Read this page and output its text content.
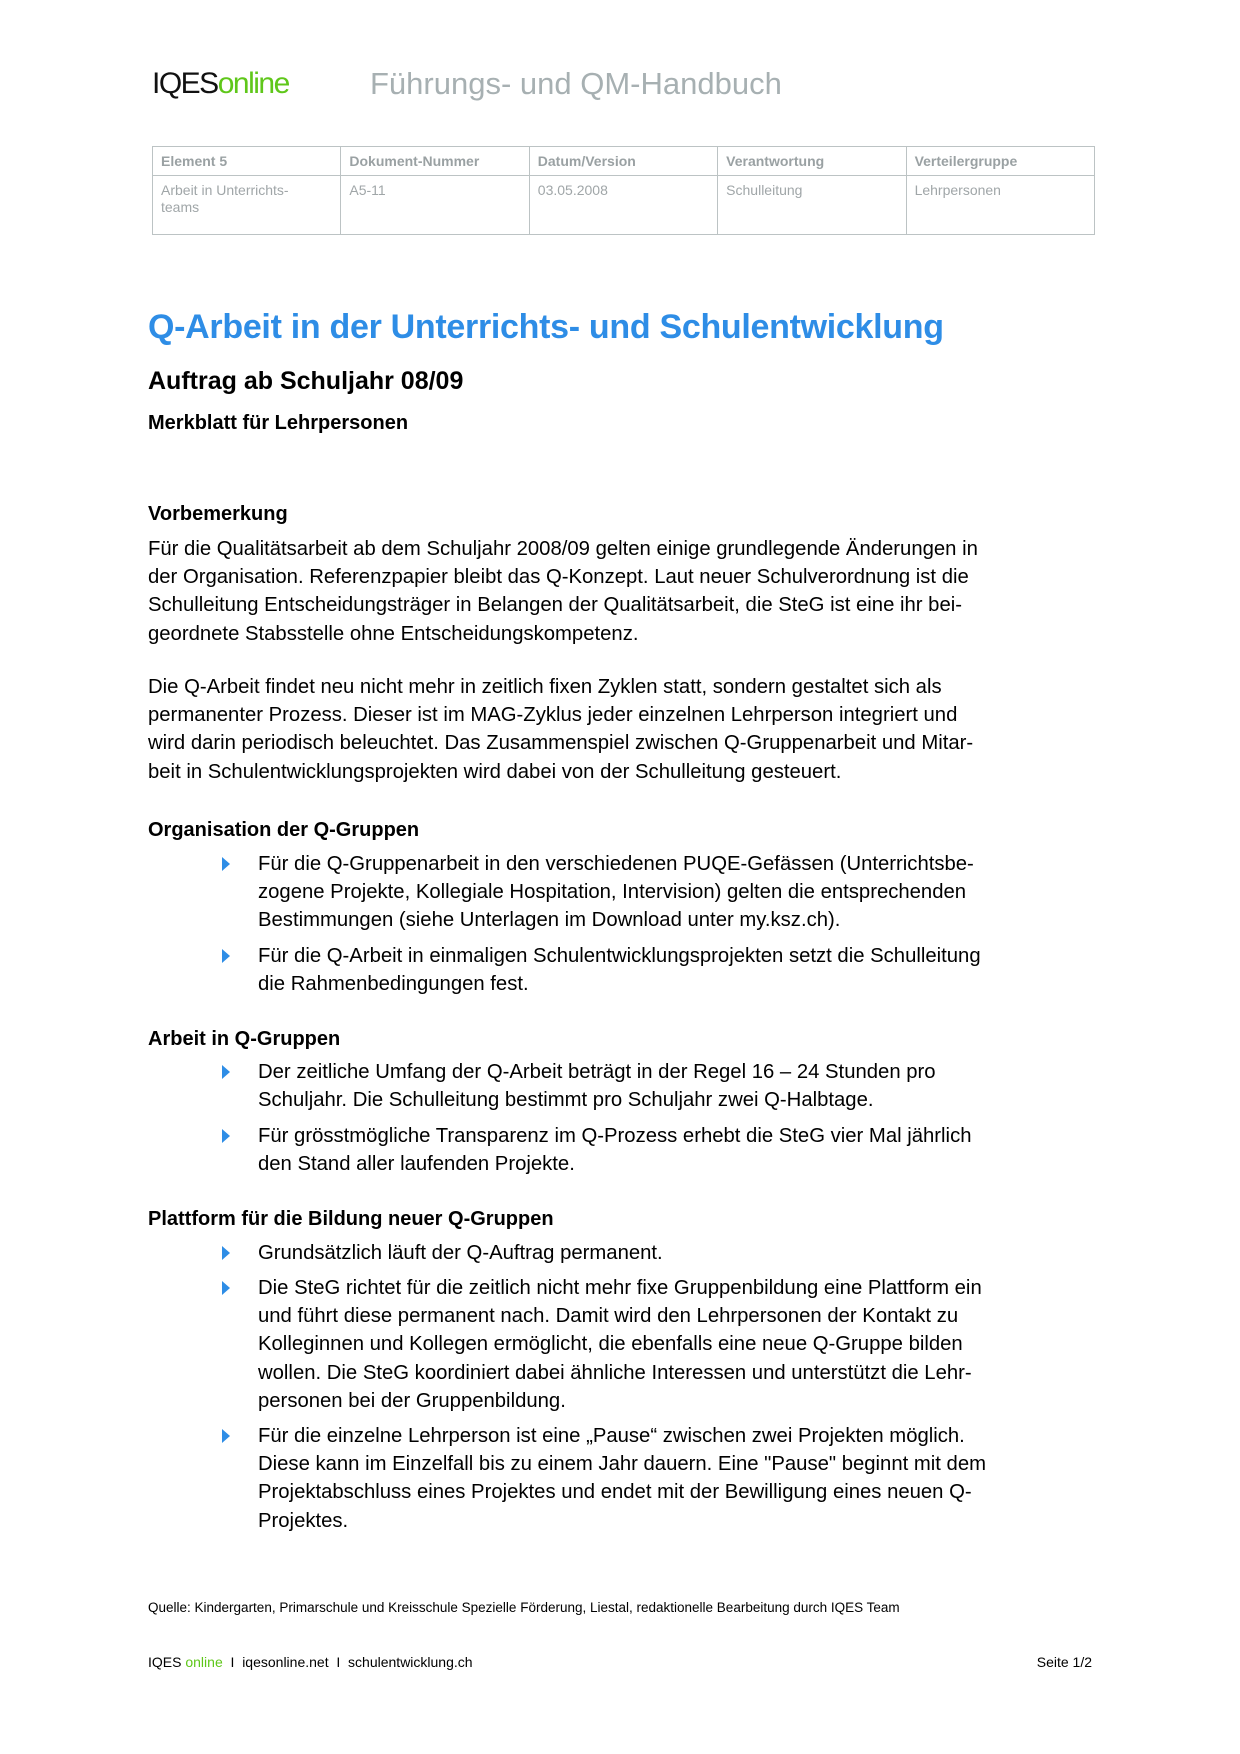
IQESonline	Führungs- und QM-Handbuch
Element 5	Dokument-Nummer	Datum/Version	Verantwortung	Verteilergruppe

Arbeit in Unterrichts-
teams	A5-11	03.05.2008	Schulleitung	Lehrpersonen
Q-Arbeit in der Unterrichts- und Schulentwicklung
Auftrag ab Schuljahr 08/09
Merkblatt für Lehrpersonen
Vorbemerkung
Für die Qualitätsarbeit ab dem Schuljahr 2008/09 gelten einige grundlegende Änderungen in
der Organisation. Referenzpapier bleibt das Q-Konzept. Laut neuer Schulverordnung ist die
Schulleitung Entscheidungsträger in Belangen der Qualitätsarbeit, die SteG ist eine ihr bei-
geordnete Stabsstelle ohne Entscheidungskompetenz.
Die Q-Arbeit findet neu nicht mehr in zeitlich fixen Zyklen statt, sondern gestaltet sich als
permanenter Prozess. Dieser ist im MAG-Zyklus jeder einzelnen Lehrperson integriert und
wird darin periodisch beleuchtet. Das Zusammenspiel zwischen Q-Gruppenarbeit und Mitar-
beit in Schulentwicklungsprojekten wird dabei von der Schulleitung gesteuert.
Organisation der Q-Gruppen
Für die Q-Gruppenarbeit in den verschiedenen PUQE-Gefässen (Unterrichtsbe-
zogene Projekte, Kollegiale Hospitation, Intervision) gelten die entsprechenden
Bestimmungen (siehe Unterlagen im Download unter my.ksz.ch).
Für die Q-Arbeit in einmaligen Schulentwicklungsprojekten setzt die Schulleitung
die Rahmenbedingungen fest.
Arbeit in Q-Gruppen
Der zeitliche Umfang der Q-Arbeit beträgt in der Regel 16 – 24 Stunden pro
Schuljahr. Die Schulleitung bestimmt pro Schuljahr zwei Q-Halbtage.
Für grösstmögliche Transparenz im Q-Prozess erhebt die SteG vier Mal jährlich
den Stand aller laufenden Projekte.
Plattform für die Bildung neuer Q-Gruppen
Grundsätzlich läuft der Q-Auftrag permanent.
Die SteG richtet für die zeitlich nicht mehr fixe Gruppenbildung eine Plattform ein
und führt diese permanent nach. Damit wird den Lehrpersonen der Kontakt zu
Kolleginnen und Kollegen ermöglicht, die ebenfalls eine neue Q-Gruppe bilden
wollen. Die SteG koordiniert dabei ähnliche Interessen und unterstützt die Lehr-
personen bei der Gruppenbildung.
Für die einzelne Lehrperson ist eine „Pause“ zwischen zwei Projekten möglich.
Diese kann im Einzelfall bis zu einem Jahr dauern. Eine "Pause" beginnt mit dem
Projektabschluss eines Projektes und endet mit der Bewilligung eines neuen Q-
Projektes.
Quelle: Kindergarten, Primarschule und Kreisschule Spezielle Förderung, Liestal, redaktionelle Bearbeitung durch IQES Team
IQES online I iqesonline.net I schulentwicklung.ch	Seite 1/2
